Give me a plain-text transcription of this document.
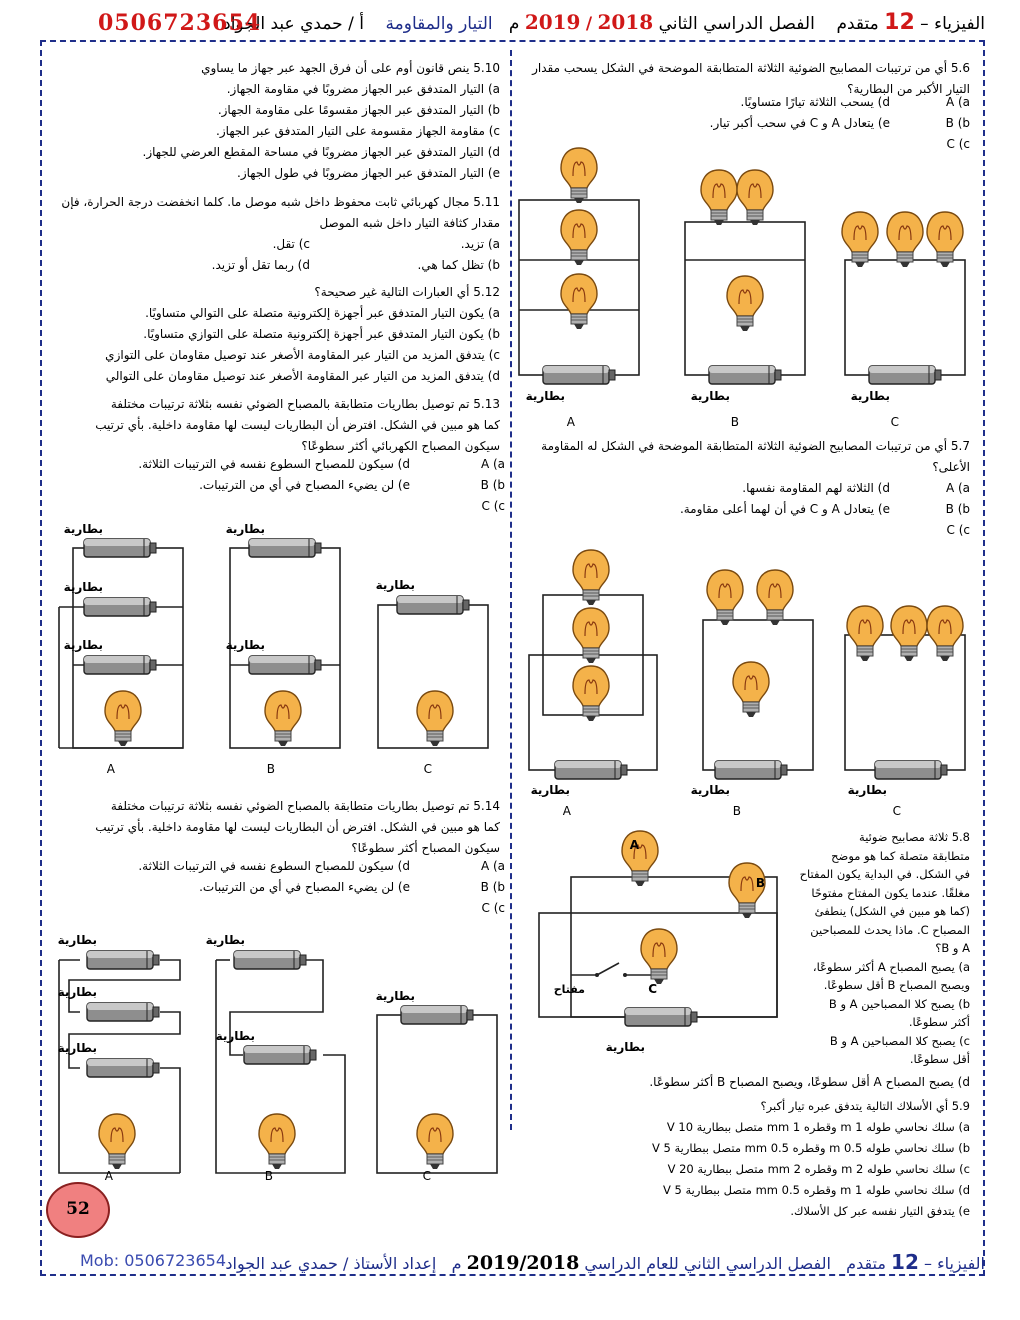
الفيزياء – 12 متقدم    الفصل الدراسي الثاني 2018 / 2019 م   التيار والمقاومة    أ / حمدي عبد الجواد
0506723654
5.6 أي من ترتيبات المصابيح الضوئية الثلاثة المتطابقة الموضحة في الشكل يسحب مقدار التيار الأكبر من البطارية؟
A (a
B (b
C (c
d) يسحب الثلاثة تيارًا متساويًا.
e) يتعادل A و C في سحب أكبر تيار.
بطارية	بطارية	بطارية
A	B	C
5.7 أي من ترتيبات المصابيح الضوئية الثلاثة المتطابقة الموضحة في الشكل له المقاومة الأعلى؟
A (a
B (b
C (c
d) الثلاثة لهم المقاومة نفسها.
e) يتعادل A و C في أن لهما أعلى مقاومة.
بطارية	بطارية	بطارية
A	B	C
5.8 ثلاثة مصابيح ضوئية
متطابقة متصلة كما هو موضح
في الشكل. في البداية يكون المفتاح
مغلقًا. عندما يكون المفتاح مفتوحًا
(كما هو مبين في الشكل) ينطفئ
المصباح C. ماذا يحدث للمصباحين
A و B؟
a) يصبح المصباح A أكثر سطوعًا،
ويصبح المصباح B أقل سطوعًا.
b) يصبح كلا المصباحين A و B
أكثر سطوعًا.
c) يصبح كلا المصباحين A و B
أقل سطوعًا.
d) يصبح المصباح A أقل سطوعًا، ويصبح المصباح B أكثر سطوعًا.
A
B
C
مفتاح
بطارية
5.9 أي الأسلاك التالية يتدفق عبره تيار أكبر؟
a) سلك نحاسي طوله 1 m وقطره 1 mm متصل ببطارية 10 V
b) سلك نحاسي طوله 0.5 m وقطره 0.5 mm متصل ببطارية 5 V
c) سلك نحاسي طوله 2 m وقطره 2 mm متصل ببطارية 20 V
d) سلك نحاسي طوله 1 m وقطره 0.5 mm متصل ببطارية 5 V
e) يتدفق التيار نفسه عبر كل الأسلاك.
5.10 ينص قانون أوم على أن فرق الجهد عبر جهاز ما يساوي
a) التيار المتدفق عبر الجهاز مضروبًا في مقاومة الجهاز.
b) التيار المتدفق عبر الجهاز مقسومًا على مقاومة الجهاز.
c) مقاومة الجهاز مقسومة على التيار المتدفق عبر الجهاز.
d) التيار المتدفق عبر الجهاز مضروبًا في مساحة المقطع العرضي للجهاز.
e) التيار المتدفق عبر الجهاز مضروبًا في طول الجهاز.
5.11 مجال كهربائي ثابت محفوظ داخل شبه موصل ما. كلما انخفضت درجة الحرارة، فإن مقدار كثافة التيار داخل شبه الموصل
a) تزيد.
b) تظل كما هي.
c) تقل.
d) ربما تقل أو تزيد.
5.12 أي العبارات التالية غير صحيحة؟
a) يكون التيار المتدفق عبر أجهزة إلكترونية متصلة على التوالي متساويًا.
b) يكون التيار المتدفق عبر أجهزة إلكترونية متصلة على التوازي متساويًا.
c) يتدفق المزيد من التيار عبر المقاومة الأصغر عند توصيل مقاومان على التوازي
d) يتدفق المزيد من التيار عبر المقاومة الأصغر عند توصيل مقاومان على التوالي
5.13 تم توصيل بطاريات متطابقة بالمصباح الضوئي نفسه بثلاثة ترتيبات مختلفة
كما هو مبين في الشكل. افترض أن البطاريات ليست لها مقاومة داخلية. بأي ترتيب
سيكون المصباح الكهربائي أكثر سطوعًا؟
A (a
B (b
C (c
d) سيكون للمصباح السطوع نفسه في الترتيبات الثلاثة.
e) لن يضيء المصباح في أي من الترتيبات.
بطارية
بطارية
بطارية
بطارية
بطارية
بطارية
A	B	C
5.14 تم توصيل بطاريات متطابقة بالمصباح الضوئي نفسه بثلاثة ترتيبات مختلفة
كما هو مبين في الشكل. افترض أن البطاريات ليست لها مقاومة داخلية. بأي ترتيب
سيكون المصباح أكثر سطوعًا؟
A (a
B (b
C (c
d) سيكون للمصباح السطوع نفسه في الترتيبات الثلاثة.
e) لن يضيء المصباح في أي من الترتيبات.
بطارية
بطارية
بطارية
بطارية
بطارية
بطارية
A	B	C
52
الفيزياء – 12 متقدم   الفصل الدراسي الثاني للعام الدراسي 2019/2018 م   إعداد الأستاذ / حمدي عبد الجواد
Mob: 0506723654
